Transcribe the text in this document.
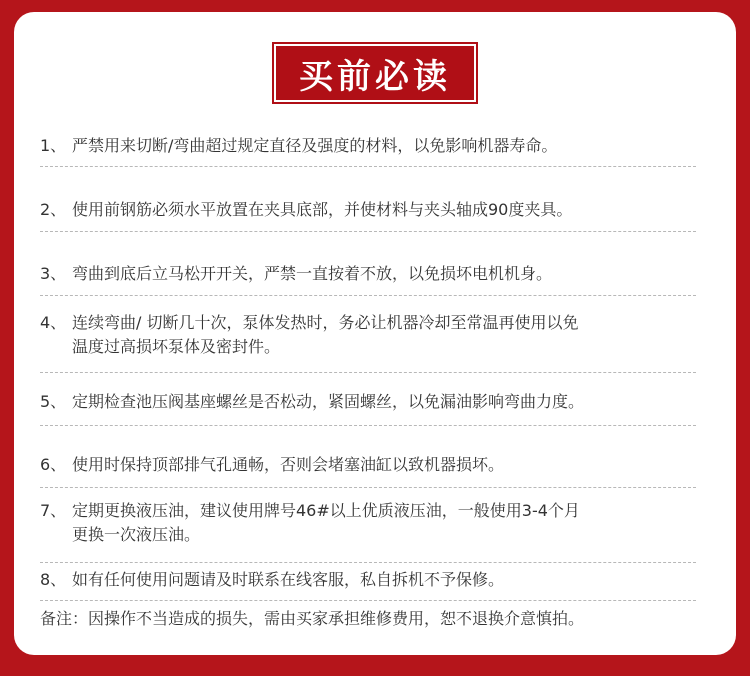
买前必读
1、 严禁用来切断/弯曲超过规定直径及强度的材料，以免影响机器寿命。
2、 使用前钢筋必须水平放置在夹具底部，并使材料与夹头轴成90度夹具。
3、 弯曲到底后立马松开开关，严禁一直按着不放，以免损坏电机机身。
4、 连续弯曲/ 切断几十次，泵体发热时，务必让机器冷却至常温再使用以免
温度过高损坏泵体及密封件。
5、 定期检查池压阀基座螺丝是否松动，紧固螺丝，以免漏油影响弯曲力度。
6、 使用时保持顶部排气孔通畅，否则会堵塞油缸以致机器损坏。
7、 定期更换液压油，建议使用牌号46#以上优质液压油，一般使用3-4个月
更换一次液压油。
8、 如有任何使用问题请及时联系在线客服，私自拆机不予保修。
备注：因操作不当造成的损失，需由买家承担维修费用，恕不退换介意慎拍。
